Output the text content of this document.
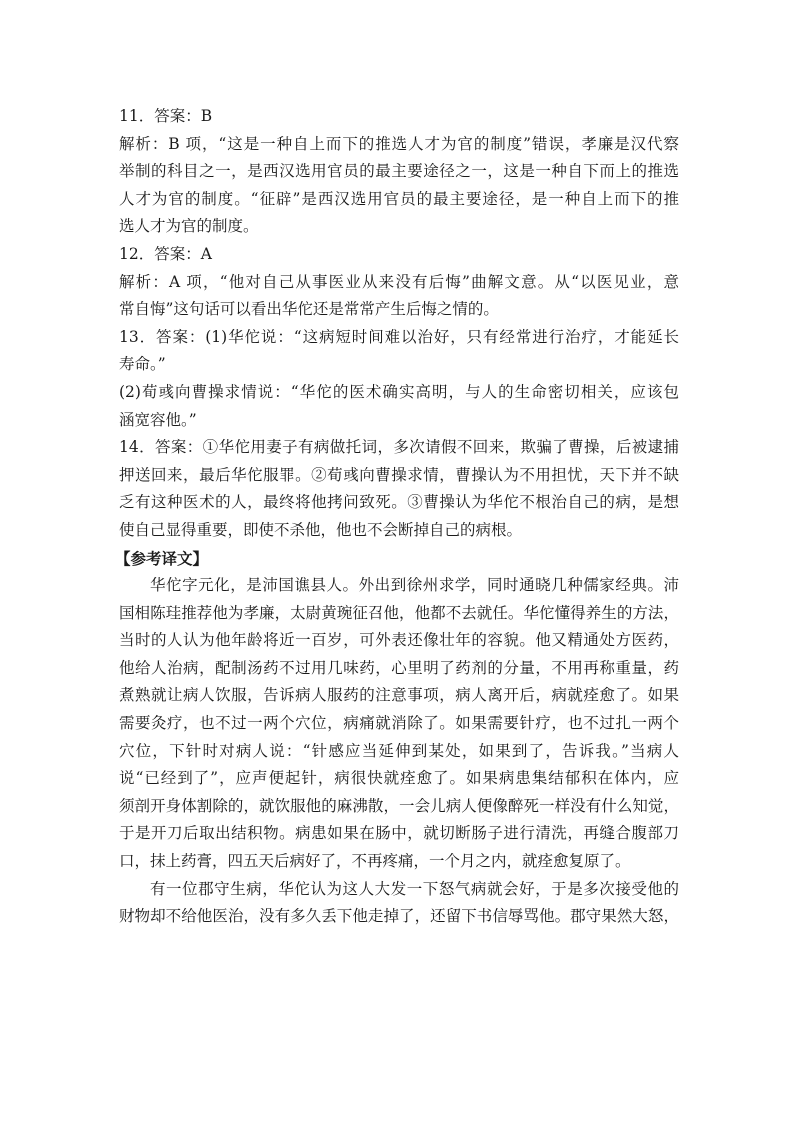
11．答案：B
解析：B 项，“这是一种自上而下的推选人才为官的制度”错误，孝廉是汉代察
举制的科目之一，是西汉选用官员的最主要途径之一，这是一种自下而上的推选
人才为官的制度。“征辟”是西汉选用官员的最主要途径，是一种自上而下的推
选人才为官的制度。
12．答案：A
解析：A 项，“他对自己从事医业从来没有后悔”曲解文意。从“以医见业，意
常自悔”这句话可以看出华佗还是常常产生后悔之情的。
13．答案：(1)华佗说：“这病短时间难以治好，只有经常进行治疗，才能延长
寿命。”
(2)荀彧向曹操求情说：“华佗的医术确实高明，与人的生命密切相关，应该包
涵宽容他。”
14．答案：①华佗用妻子有病做托词，多次请假不回来，欺骗了曹操，后被逮捕
押送回来，最后华佗服罪。②荀彧向曹操求情，曹操认为不用担忧，天下并不缺
乏有这种医术的人，最终将他拷问致死。③曹操认为华佗不根治自己的病，是想
使自己显得重要，即使不杀他，他也不会断掉自己的病根。
【参考译文】
华佗字元化，是沛国谯县人。外出到徐州求学，同时通晓几种儒家经典。沛
国相陈珪推荐他为孝廉，太尉黄琬征召他，他都不去就任。华佗懂得养生的方法，
当时的人认为他年龄将近一百岁，可外表还像壮年的容貌。他又精通处方医药，
他给人治病，配制汤药不过用几味药，心里明了药剂的分量，不用再称重量，药
煮熟就让病人饮服，告诉病人服药的注意事项，病人离开后，病就痊愈了。如果
需要灸疗，也不过一两个穴位，病痛就消除了。如果需要针疗，也不过扎一两个
穴位，下针时对病人说：“针感应当延伸到某处，如果到了，告诉我。”当病人
说“已经到了”，应声便起针，病很快就痊愈了。如果病患集结郁积在体内，应
须剖开身体割除的，就饮服他的麻沸散，一会儿病人便像醉死一样没有什么知觉，
于是开刀后取出结积物。病患如果在肠中，就切断肠子进行清洗，再缝合腹部刀
口，抹上药膏，四五天后病好了，不再疼痛，一个月之内，就痊愈复原了。
有一位郡守生病，华佗认为这人大发一下怒气病就会好，于是多次接受他的
财物却不给他医治，没有多久丢下他走掉了，还留下书信辱骂他。郡守果然大怒，
